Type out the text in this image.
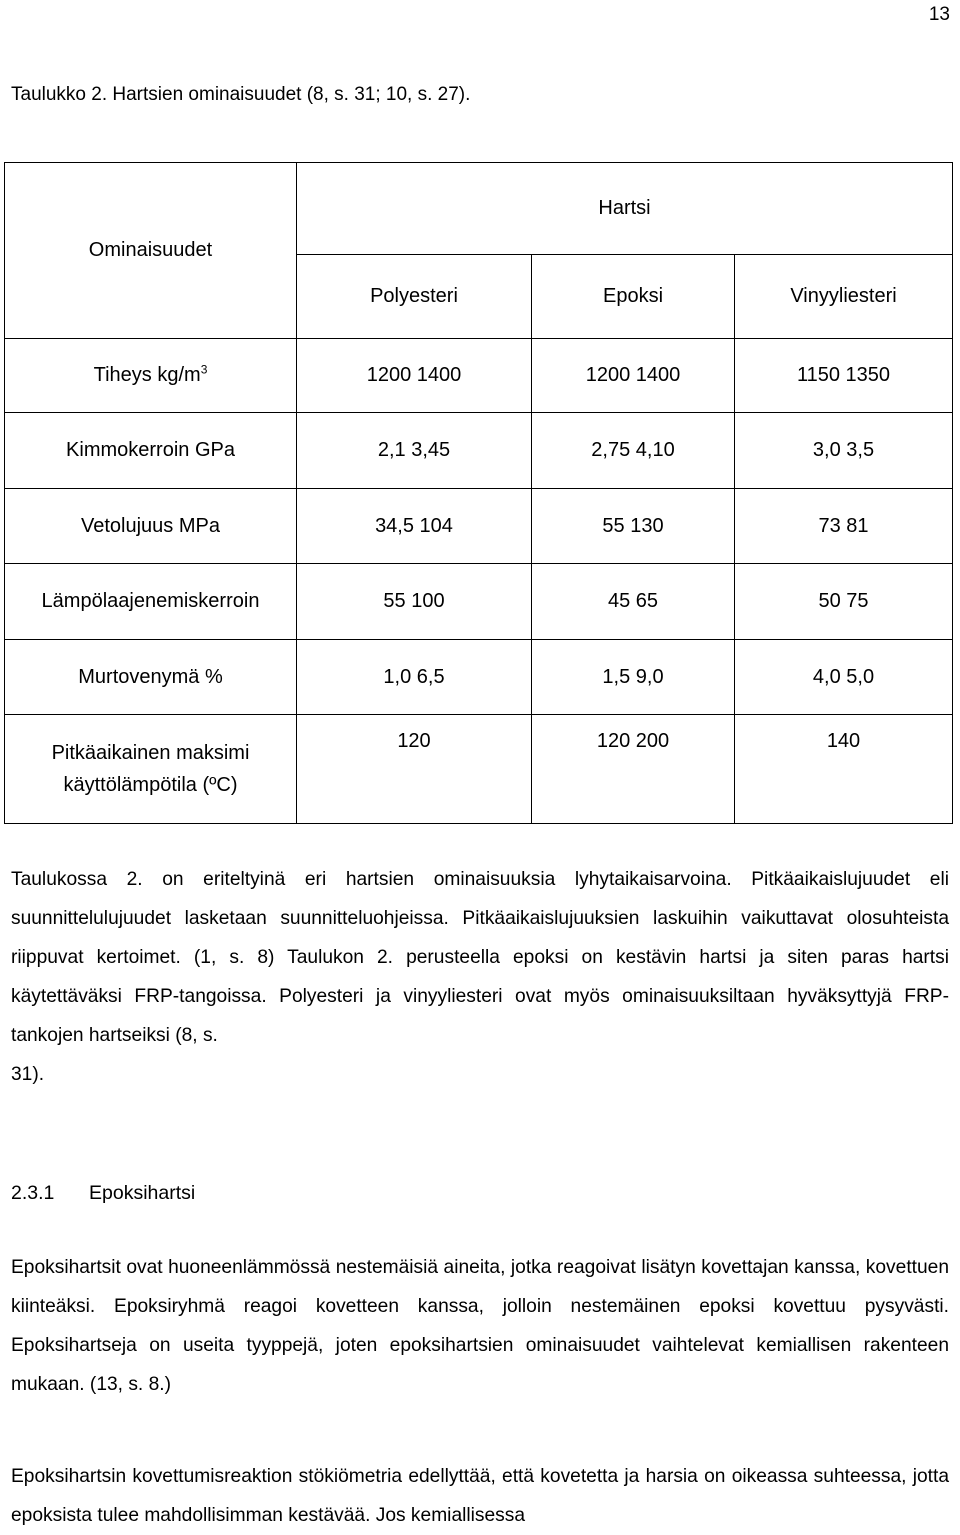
13
Taulukko 2. Hartsien ominaisuudet (8, s. 31; 10, s. 27).
Ominaisuudet	Hartsi		
	Polyesteri	Epoksi	Vinyyliesteri
Tiheys $kg/m^3$	1200 1400	1200 1400	1150 1350
Kimmokerroin GPa	2,1 3,45	2,75 4,10	3,0 3,5
Vetolujuus MPa	34,5 104	55 130	73 81
Lämpölaajenemiskerroin	55 100	45 65	50 75
Murtovenymä %	1,0 6,5	1,5 9,0	4,0 5,0
Pitkäaikainen maksimi
käyttölämpötila (ºC)	120	120 200	140

Taulukossa 2. on eriteltyinä eri hartsien ominaisuuksia lyhytaikaisarvoina. Pitkäaikaislujuudet eli suunnittelulujuudet lasketaan suunnitteluohjeissa. Pitkäaikaislujuuksien laskuihin vaikuttavat olosuhteista riippuvat kertoimet. (1, s. 8) Taulukon 2. perusteella epoksi on kestävin hartsi ja siten paras hartsi käytettäväksi FRP-tangoissa. Polyesteri ja vinyyliesteri ovat myös ominaisuuksiltaan hyväksyttyjä FRP-tankojen hartseiksi (8, s.
31).

2.3.1 Epoksihartsi

Epoksihartsit ovat huoneenlämmössä nestemäisiä aineita, jotka reagoivat lisätyn kovettajan kanssa, kovettuen kiinteäksi. Epoksiryhmä reagoi kovetteen kanssa, jolloin nestemäinen epoksi kovettuu pysyvästi. Epoksihartseja on useita tyyppejä, joten epoksihartsien ominaisuudet vaihtelevat kemiallisen rakenteen mukaan. (13, s. 8.)

Epoksihartsin kovettumisreaktion stökiömetria edellyttää, että kovetetta ja harsia on oikeassa suhteessa, jotta epoksista tulee mahdollisimman kestävää. Jos kemiallisessa
